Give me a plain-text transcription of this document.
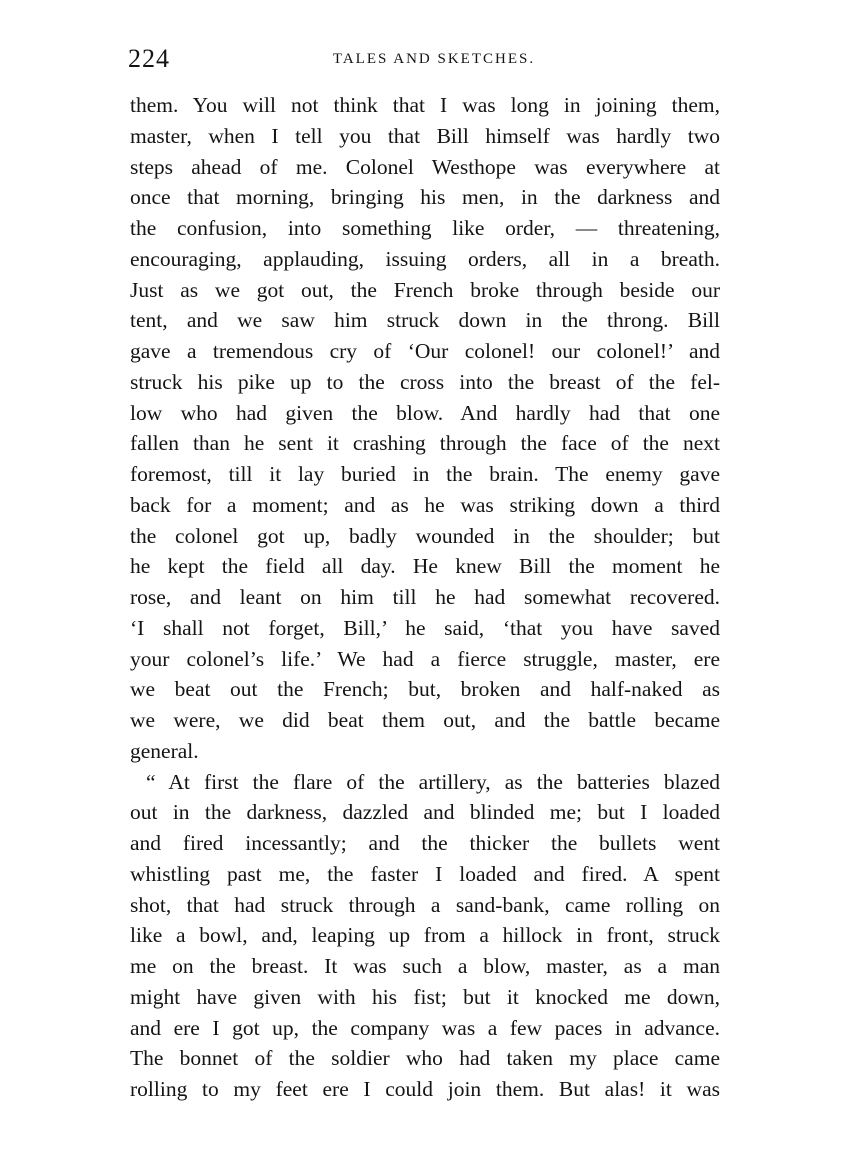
224	TALES AND SKETCHES.
them. You will not think that I was long in joining them,
master, when I tell you that Bill himself was hardly two
steps ahead of me. Colonel Westhope was everywhere at
once that morning, bringing his men, in the darkness and
the confusion, into something like order, — threatening,
encouraging, applauding, issuing orders, all in a breath.
Just as we got out, the French broke through beside our
tent, and we saw him struck down in the throng. Bill
gave a tremendous cry of ‘Our colonel! our colonel!’ and
struck his pike up to the cross into the breast of the fel-
low who had given the blow. And hardly had that one
fallen than he sent it crashing through the face of the next
foremost, till it lay buried in the brain. The enemy gave
back for a moment; and as he was striking down a third
the colonel got up, badly wounded in the shoulder; but
he kept the field all day. He knew Bill the moment he
rose, and leant on him till he had somewhat recovered.
‘I shall not forget, Bill,’ he said, ‘that you have saved
your colonel’s life.’ We had a fierce struggle, master, ere
we beat out the French; but, broken and half-naked as
we were, we did beat them out, and the battle became
general.
“ At first the flare of the artillery, as the batteries blazed
out in the darkness, dazzled and blinded me; but I loaded
and fired incessantly; and the thicker the bullets went
whistling past me, the faster I loaded and fired. A spent
shot, that had struck through a sand-bank, came rolling on
like a bowl, and, leaping up from a hillock in front, struck
me on the breast. It was such a blow, master, as a man
might have given with his fist; but it knocked me down,
and ere I got up, the company was a few paces in advance.
The bonnet of the soldier who had taken my place came
rolling to my feet ere I could join them. But alas! it was
